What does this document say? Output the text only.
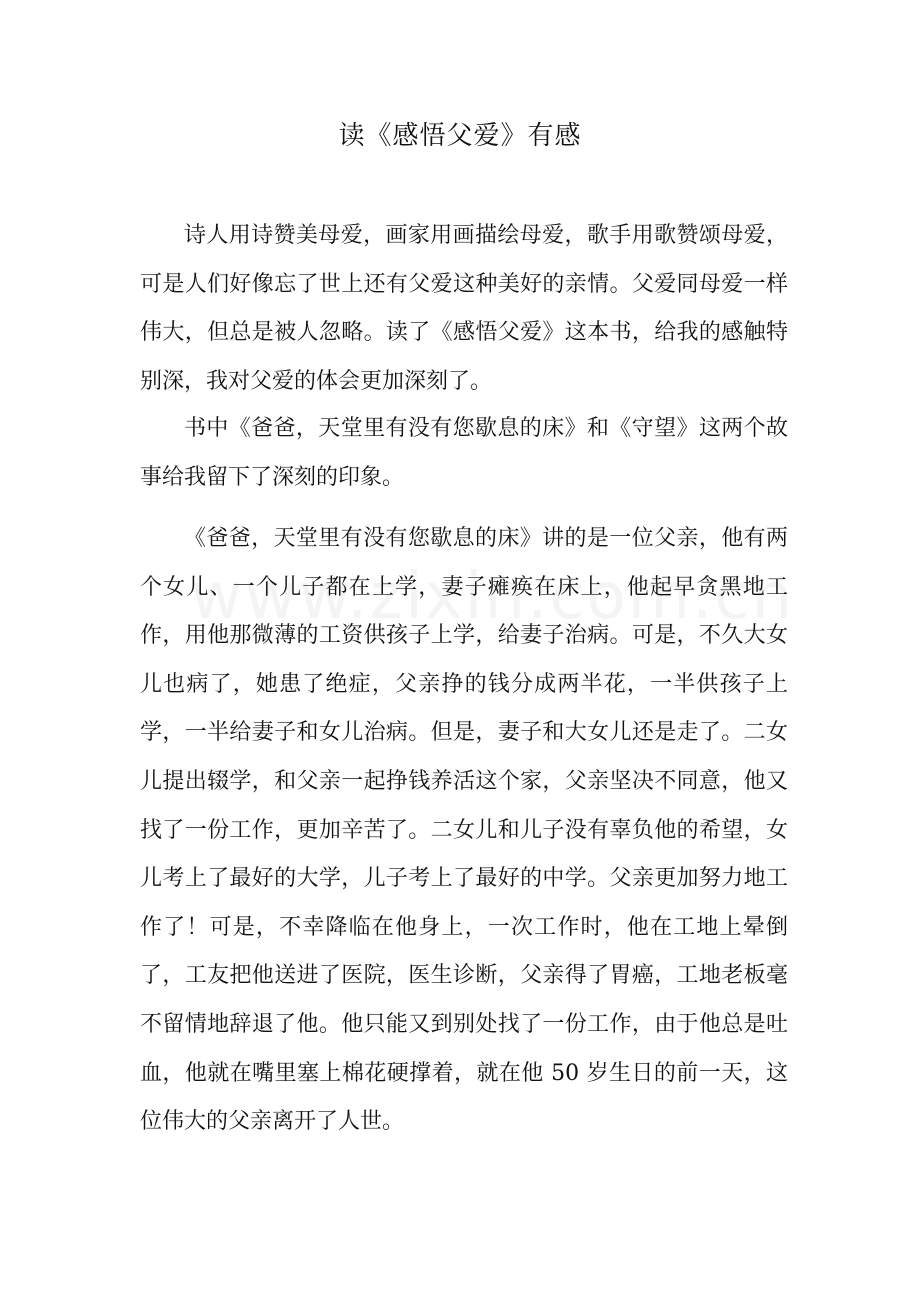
读《感悟父爱》有感

诗人用诗赞美母爱，画家用画描绘母爱，歌手用歌赞颂母爱，可是人们好像忘了世上还有父爱这种美好的亲情。父爱同母爱一样伟大，但总是被人忽略。读了《感悟父爱》这本书，给我的感触特别深，我对父爱的体会更加深刻了。

书中《爸爸，天堂里有没有您歇息的床》和《守望》这两个故事给我留下了深刻的印象。

《爸爸，天堂里有没有您歇息的床》讲的是一位父亲，他有两个女儿、一个儿子都在上学，妻子瘫痪在床上，他起早贪黑地工作，用他那微薄的工资供孩子上学，给妻子治病。可是，不久大女儿也病了，她患了绝症，父亲挣的钱分成两半花，一半供孩子上学，一半给妻子和女儿治病。但是，妻子和大女儿还是走了。二女儿提出辍学，和父亲一起挣钱养活这个家，父亲坚决不同意，他又找了一份工作，更加辛苦了。二女儿和儿子没有辜负他的希望，女儿考上了最好的大学，儿子考上了最好的中学。父亲更加努力地工作了！可是，不幸降临在他身上，一次工作时，他在工地上晕倒了，工友把他送进了医院，医生诊断，父亲得了胃癌，工地老板毫不留情地辞退了他。他只能又到别处找了一份工作，由于他总是吐血，他就在嘴里塞上棉花硬撑着，就在他 50 岁生日的前一天，这位伟大的父亲离开了人世。
